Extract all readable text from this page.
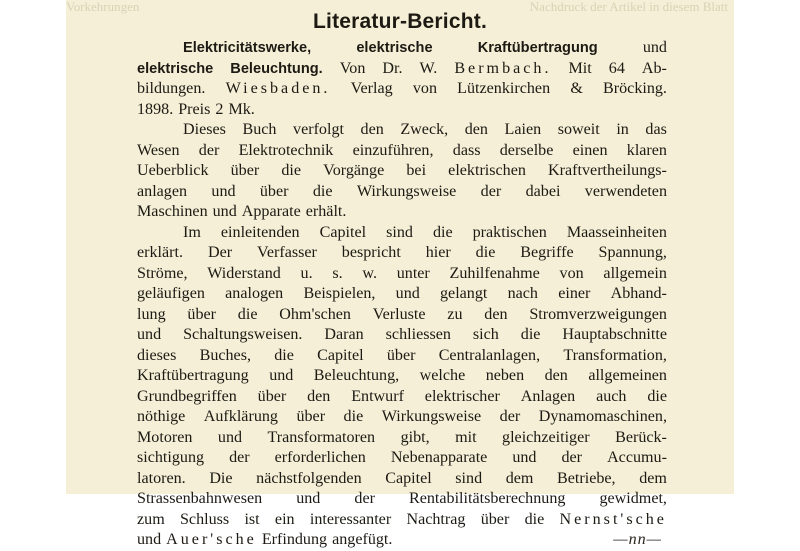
Vorkehrungen	Nachdruck der Artikel in diesem Blatt
Literatur-Bericht.
Elektricitätswerke,	elektrische	Kraftübertragung	und
elektrische Beleuchtung. Von Dr. W. Bermbach. Mit 64 Ab-
bildungen. Wiesbaden. Verlag von Lützenkirchen & Bröcking.
1898. Preis 2 Mk.
Dieses Buch verfolgt den Zweck, den Laien soweit in das
Wesen der Elektrotechnik einzuführen, dass derselbe einen klaren
Ueberblick über die Vorgänge bei elektrischen Kraftvertheilungs-
anlagen und über die Wirkungsweise der dabei verwendeten
Maschinen und Apparate erhält.
Im einleitenden Capitel sind die praktischen Maasseinheiten
erklärt. Der Verfasser bespricht hier die Begriffe Spannung,
Ströme, Widerstand u. s. w. unter Zuhilfenahme von allgemein
geläufigen analogen Beispielen, und gelangt nach einer Abhand-
lung über die Ohm'schen Verluste zu den Stromverzweigungen
und Schaltungsweisen. Daran schliessen sich die Hauptabschnitte
dieses Buches, die Capitel über Centralanlagen, Transformation,
Kraftübertragung und Beleuchtung, welche neben den allgemeinen
Grundbegriffen über den Entwurf elektrischer Anlagen auch die
nöthige Aufklärung über die Wirkungsweise der Dynamomaschinen,
Motoren und Transformatoren gibt, mit gleichzeitiger Berück-
sichtigung der erforderlichen Nebenapparate und der Accumu-
latoren. Die nächstfolgenden Capitel sind dem Betriebe, dem
Strassenbahnwesen und der Rentabilitätsberechnung gewidmet,
zum Schluss ist ein interessanter Nachtrag über die Nernst'sche
und Auer'sche Erfindung angefügt.	—nn—
